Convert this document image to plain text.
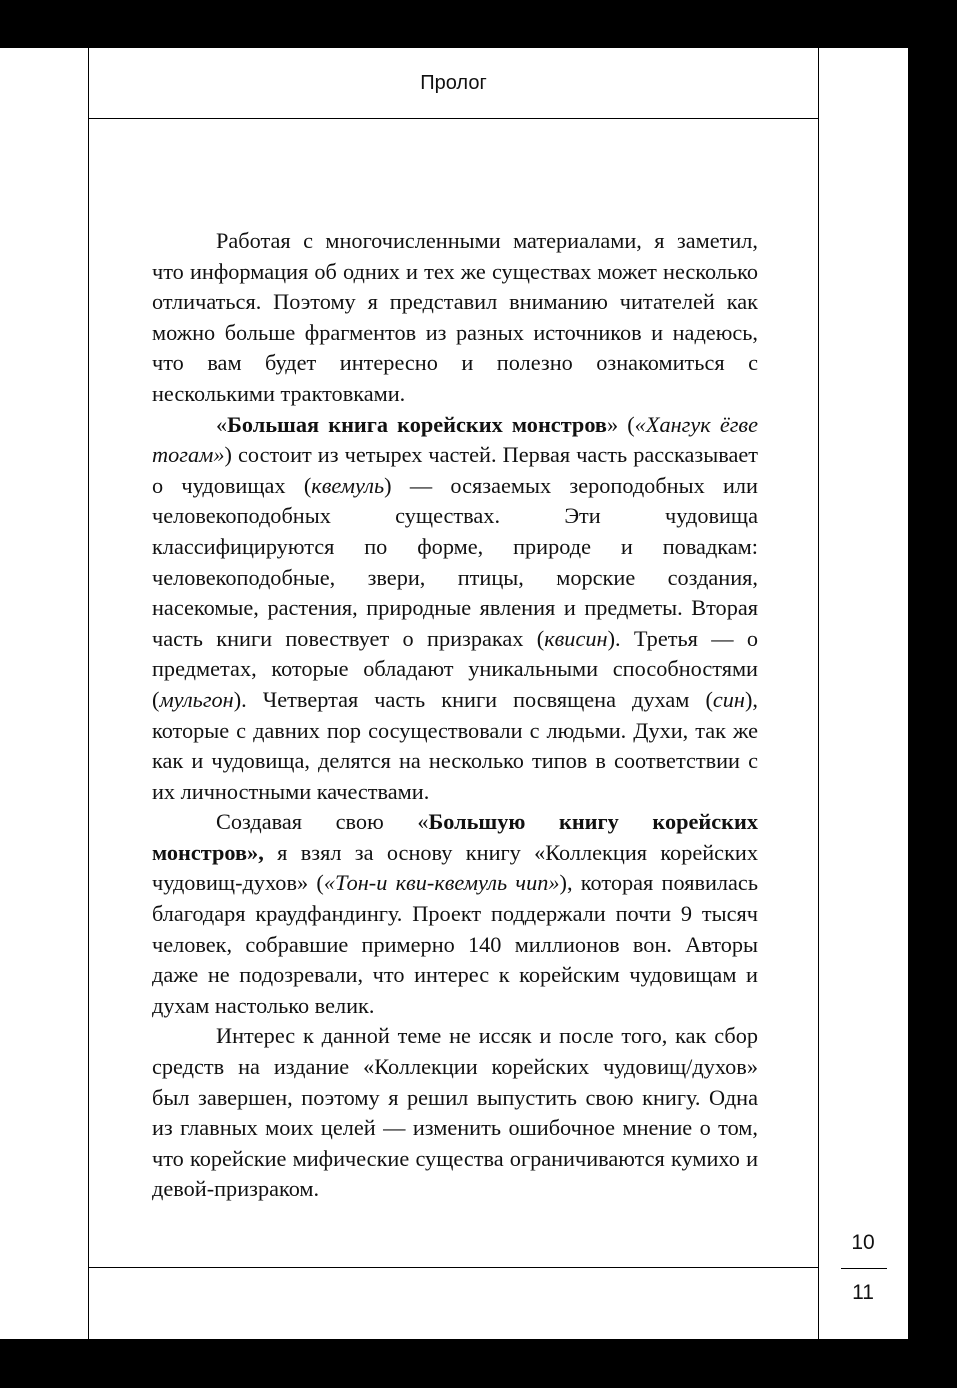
Пролог

Работая с многочисленными материалами, я заметил, что информация об одних и тех же существах может несколько отличаться. Поэтому я представил вниманию читателей как можно больше фрагментов из разных источников и надеюсь, что вам будет интересно и полезно ознакомиться с несколькими трактовками.

«Большая книга корейских монстров» («Хангук ёгве тогам») состоит из четырех частей. Первая часть рассказывает о чудовищах (квемуль) — осязаемых зероподобных или человекоподобных существах. Эти чудовища классифицируются по форме, природе и повадкам: человекоподобные, звери, птицы, морские создания, насекомые, растения, природные явления и предметы. Вторая часть книги повествует о призраках (квисин). Третья — о предметах, которые обладают уникальными способностями (мульгон). Четвертая часть книги посвящена духам (син), которые с давних пор сосуществовали с людьми. Духи, так же как и чудовища, делятся на несколько типов в соответствии с их личностными качествами.

Создавая свою «Большую книгу корейских монстров», я взял за основу книгу «Коллекция корейских чудовищ-духов» («Тон-и кви-квемуль чип»), которая появилась благодаря краудфандингу. Проект поддержали почти 9 тысяч человек, собравшие примерно 140 миллионов вон. Авторы даже не подозревали, что интерес к корейским чудовищам и духам настолько велик.

Интерес к данной теме не иссяк и после того, как сбор средств на издание «Коллекции корейских чудовищ/духов» был завершен, поэтому я решил выпустить свою книгу. Одна из главных моих целей — изменить ошибочное мнение о том, что корейские мифические существа ограничиваются кумихо и девой-призраком.

10
11
